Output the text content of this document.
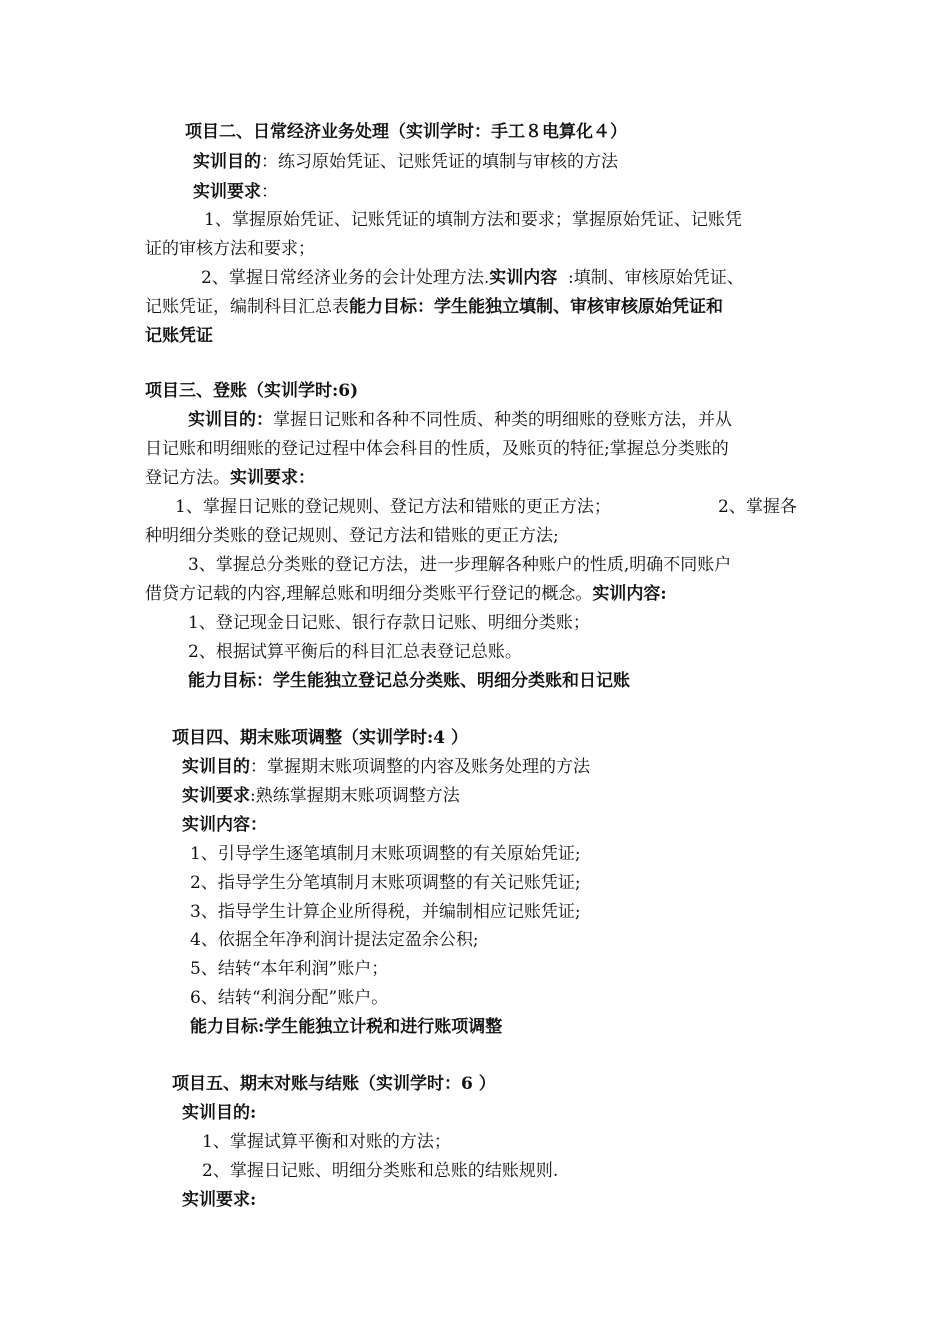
项目二、日常经济业务处理（实训学时：手工８电算化４）
实训目的：练习原始凭证、记账凭证的填制与审核的方法
实训要求：
1、掌握原始凭证、记账凭证的填制方法和要求；掌握原始凭证、记账凭
证的审核方法和要求；
2、掌握日常经济业务的会计处理方法.实训内容  :填制、审核原始凭证、
记账凭证，编制科目汇总表能力目标：学生能独立填制、审核审核原始凭证和
记账凭证
项目三、登账（实训学时:6)
实训目的：掌握日记账和各种不同性质、种类的明细账的登账方法，并从
日记账和明细账的登记过程中体会科目的性质，及账页的特征;掌握总分类账的
登记方法。实训要求：
1、掌握日记账的登记规则、登记方法和错账的更正方法；	2、掌握各
种明细分类账的登记规则、登记方法和错账的更正方法;
3、掌握总分类账的登记方法，进一步理解各种账户的性质,明确不同账户
借贷方记载的内容,理解总账和明细分类账平行登记的概念。实训内容:
1、登记现金日记账、银行存款日记账、明细分类账；
2、根据试算平衡后的科目汇总表登记总账。
能力目标：学生能独立登记总分类账、明细分类账和日记账
项目四、期末账项调整（实训学时:4 ）
实训目的：掌握期末账项调整的内容及账务处理的方法
实训要求:熟练掌握期末账项调整方法
实训内容：
1、引导学生逐笔填制月末账项调整的有关原始凭证;
2、指导学生分笔填制月末账项调整的有关记账凭证;
3、指导学生计算企业所得税，并编制相应记账凭证;
4、依据全年净利润计提法定盈余公积;
5、结转“本年利润”账户；
6、结转“利润分配”账户。
能力目标:学生能独立计税和进行账项调整
项目五、期末对账与结账（实训学时：6 ）
实训目的:
1、掌握试算平衡和对账的方法；
2、掌握日记账、明细分类账和总账的结账规则.
实训要求:
